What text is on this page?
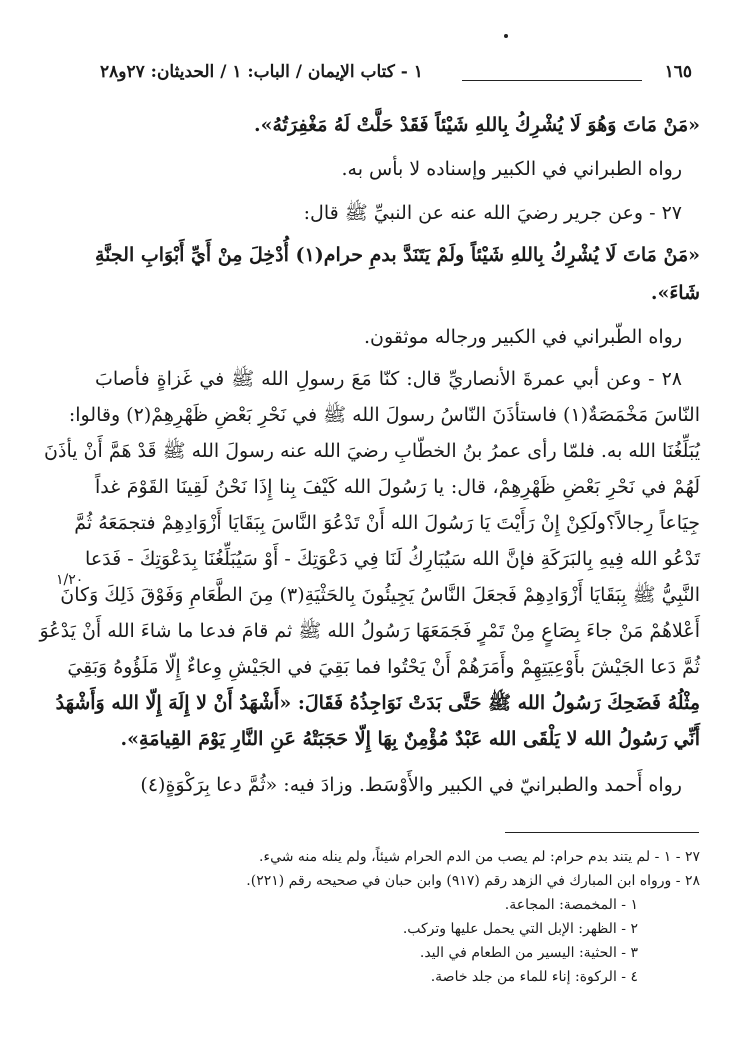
١٦٥
١ - كتاب الإيمان / الباب: ١ / الحديثان: ٢٧و٢٨
«مَنْ مَاتَ وَهُوَ لَا يُشْرِكُ بِاللهِ شَيْئاً فَقَدْ حَلَّتْ لَهُ مَغْفِرَتُهُ».
رواه الطبراني في الكبير وإسناده لا بأس به.
٢٧ - وعن جرير رضيَ الله عنه عن النبيِّ ﷺ قال:
«مَنْ مَاتَ لَا يُشْرِكُ بِاللهِ شَيْئاً ولَمْ يَتَنَدَّ بدمِ حرام(١) أُدْخِلَ مِنْ أَيِّ أَبْوَابِ الجنَّةِ
شَاءَ».
رواه الطّبراني في الكبير ورجاله موثقون.
٢٨ - وعن أبي عمرةَ الأنصاريِّ قال: كنّا مَعَ رسولِ الله ﷺ في غَزاةٍ فأصابَ
النّاسَ مَخْمَصَةٌ(١) فاستأذَنَ النّاسُ رسولَ الله ﷺ في نَحْرِ بَعْضِ ظَهْرِهِمْ(٢) وقالوا:
يُبَلِّغُنَا الله به. فلمّا رأى عمرُ بنُ الخطّابِ رضيَ الله عنه رسولَ الله ﷺ قَدْ هَمَّ أَنْ يأذَنَ
لَهُمْ في نَحْرِ بَعْضِ ظَهْرِهِمْ، قال: يا رَسُولَ الله كَيْفَ بِنا إِذَا نَحْنُ لَقِينَا القَوْمَ غداً
جِيَاعاً رِجالاً؟ولَكِنْ إِنْ رَأَيْتَ يَا رَسُولَ الله أَنْ تَدْعُوَ النَّاسَ بِبَقَايَا أَزْوَادِهِمْ فتجمَعَهُ ثُمَّ
تَدْعُو الله فِيهِ بِالبَرَكَةِ فإنَّ الله سَيُبَارِكُ لَنَا فِي دَعْوَتِكَ - أَوْ سَيُبَلِّغُنَا بِدَعْوَتِكَ - فَدَعا
النَّبِيُّ ﷺ بِبَقَايَا أَزْوَادِهِمْ فَجعَلَ النَّاسُ يَجِيئُونَ بِالحَثْيَةِ(٣) مِنَ الطَّعَامِ وَفَوْقَ ذَلِكَ وَكانَ
أَعْلاهُمْ مَنْ جاءَ بِصَاعٍ مِنْ تَمْرٍ فَجَمَعَهَا رَسُولُ الله ﷺ ثم قامَ فدعا ما شاءَ الله أَنْ يَدْعُوَ
ثُمَّ دَعا الجَيْشَ بأَوْعِيَتِهِمْ وأَمَرَهُمْ أَنْ يَحْتُوا فما بَقِيَ في الجَيْشِ وِعاءٌ إِلّا مَلَؤُوهُ وَبَقِيَ
مِثْلُهُ فَضَحِكَ رَسُولُ الله ﷺ حَتَّى بَدَتْ نَوَاجِذُهُ فَقَالَ: «أَشْهَدُ أَنْ لا إِلَهَ إِلّا الله وَأَشْهَدُ
أَنِّي رَسُولُ الله لا يَلْقَى الله عَبْدٌ مُؤْمِنٌ بِهَا إِلّا حَجَبَتْهُ عَنِ النَّارِ يَوْمَ القِيامَةِ».
رواه أَحمد والطبرانيّ في الكبير والأَوْسَط. وزادَ فيه: «ثُمَّ دعا بِرَكْوَةٍ(٤)
١/٢٠
٢٧ - ١ - لم يتند بدم حرام: لم يصب من الدم الحرام شيئاً، ولم ينله منه شيء.
٢٨ - ورواه ابن المبارك في الزهد رقم (٩١٧) وابن حبان في صحيحه رقم (٢٢١).
١ - المخمصة: المجاعة.
٢ - الظهر: الإبل التي يحمل عليها وتركب.
٣ - الحثية: اليسير من الطعام في اليد.
٤ - الركوة: إناء للماء من جلد خاصة.
